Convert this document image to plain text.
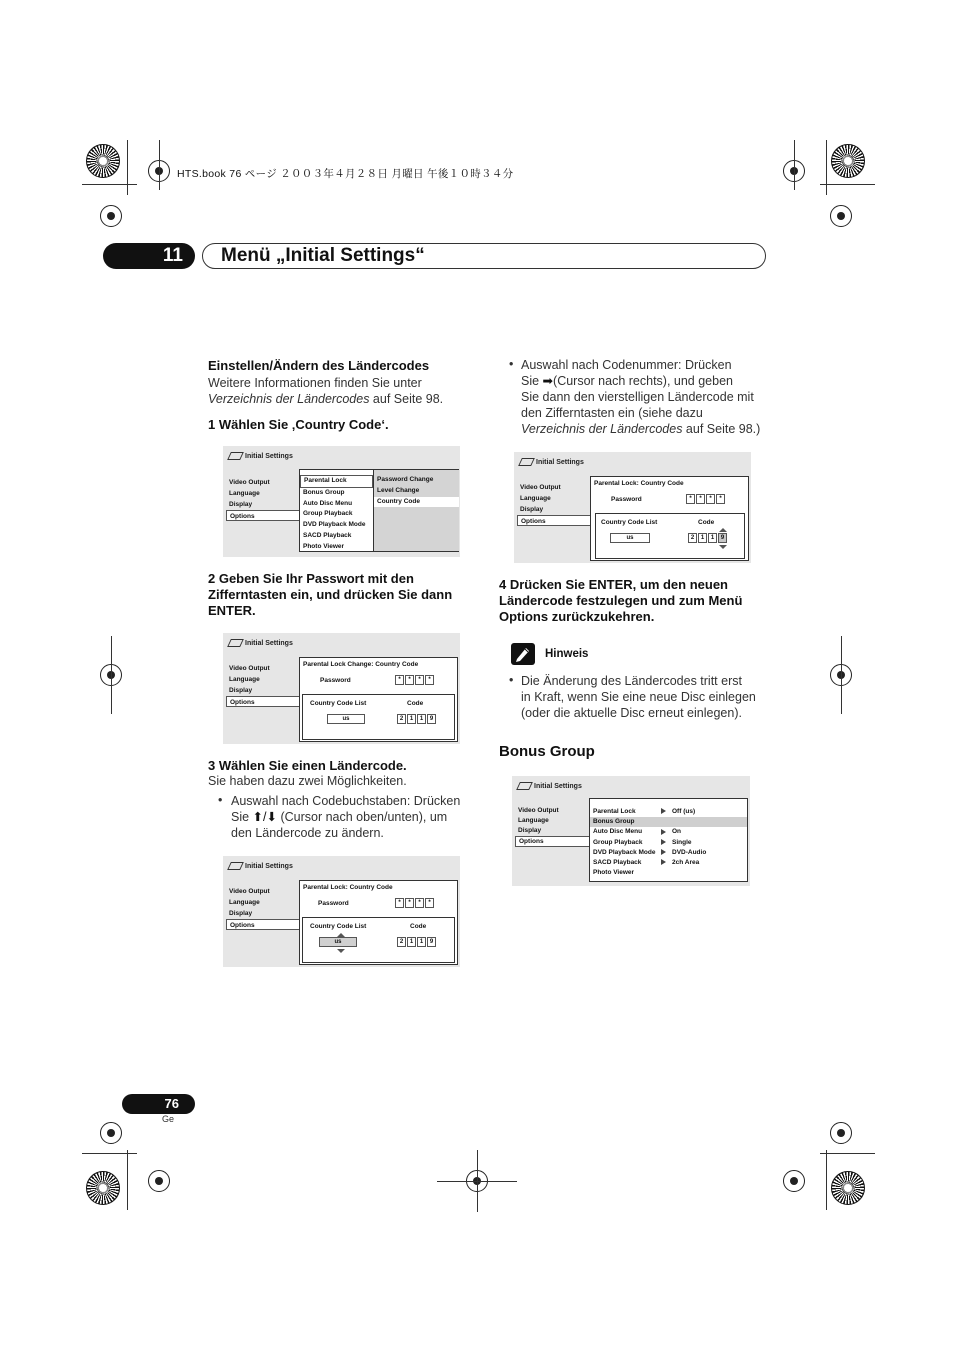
HTS.book 76 ページ ２００３年４月２８日 月曜日 午後１０時３４分
11	Menü „Initial Settings“
Einstellen/Ändern des Ländercodes
Weitere Informationen finden Sie unter
Verzeichnis der Ländercodes auf Seite 98.
1 Wählen Sie ‚Country Code‘.
Initial Settings
Video Output
Language
Display
Options
Parental Lock
Bonus Group
Auto Disc Menu
Group Playback
DVD Playback Mode
SACD Playback
Photo Viewer
Password Change
Level Change
Country Code
2 Geben Sie Ihr Passwort mit den
Zifferntasten ein, und drücken Sie dann
ENTER.
Initial Settings
Video Output
Language
Display
Options
Parental Lock Change: Country Code
Password	*	*	*	*
Country Code List	Code
us	2	1	1	9
3 Wählen Sie einen Ländercode.
Sie haben dazu zwei Möglichkeiten.
• Auswahl nach Codebuchstaben: Drücken
Sie ⬆/⬇ (Cursor nach oben/unten), um
den Ländercode zu ändern.
Initial Settings
Video Output
Language
Display
Options
Parental Lock: Country Code
Password	*	*	*	*
Country Code List	Code
us	2	1	1	9
• Auswahl nach Codenummer: Drücken
Sie ➡(Cursor nach rechts), und geben
Sie dann den vierstelligen Ländercode mit
den Zifferntasten ein (siehe dazu
Verzeichnis der Ländercodes auf Seite 98.)
Initial Settings
Video Output
Language
Display
Options
Parental Lock: Country Code
Password	*	*	*	*
Country Code List	Code
us	2	1	1	9
4 Drücken Sie ENTER, um den neuen
Ländercode festzulegen und zum Menü
Options zurückzukehren.
Hinweis
• Die Änderung des Ländercodes tritt erst
in Kraft, wenn Sie eine neue Disc einlegen
(oder die aktuelle Disc erneut einlegen).
Bonus Group
Initial Settings
Video Output
Language
Display
Options
Parental Lock	Off (us)
Bonus Group
Auto Disc Menu	On
Group Playback	Single
DVD Playback Mode	DVD-Audio
SACD Playback	2ch Area
Photo Viewer
76
Ge
